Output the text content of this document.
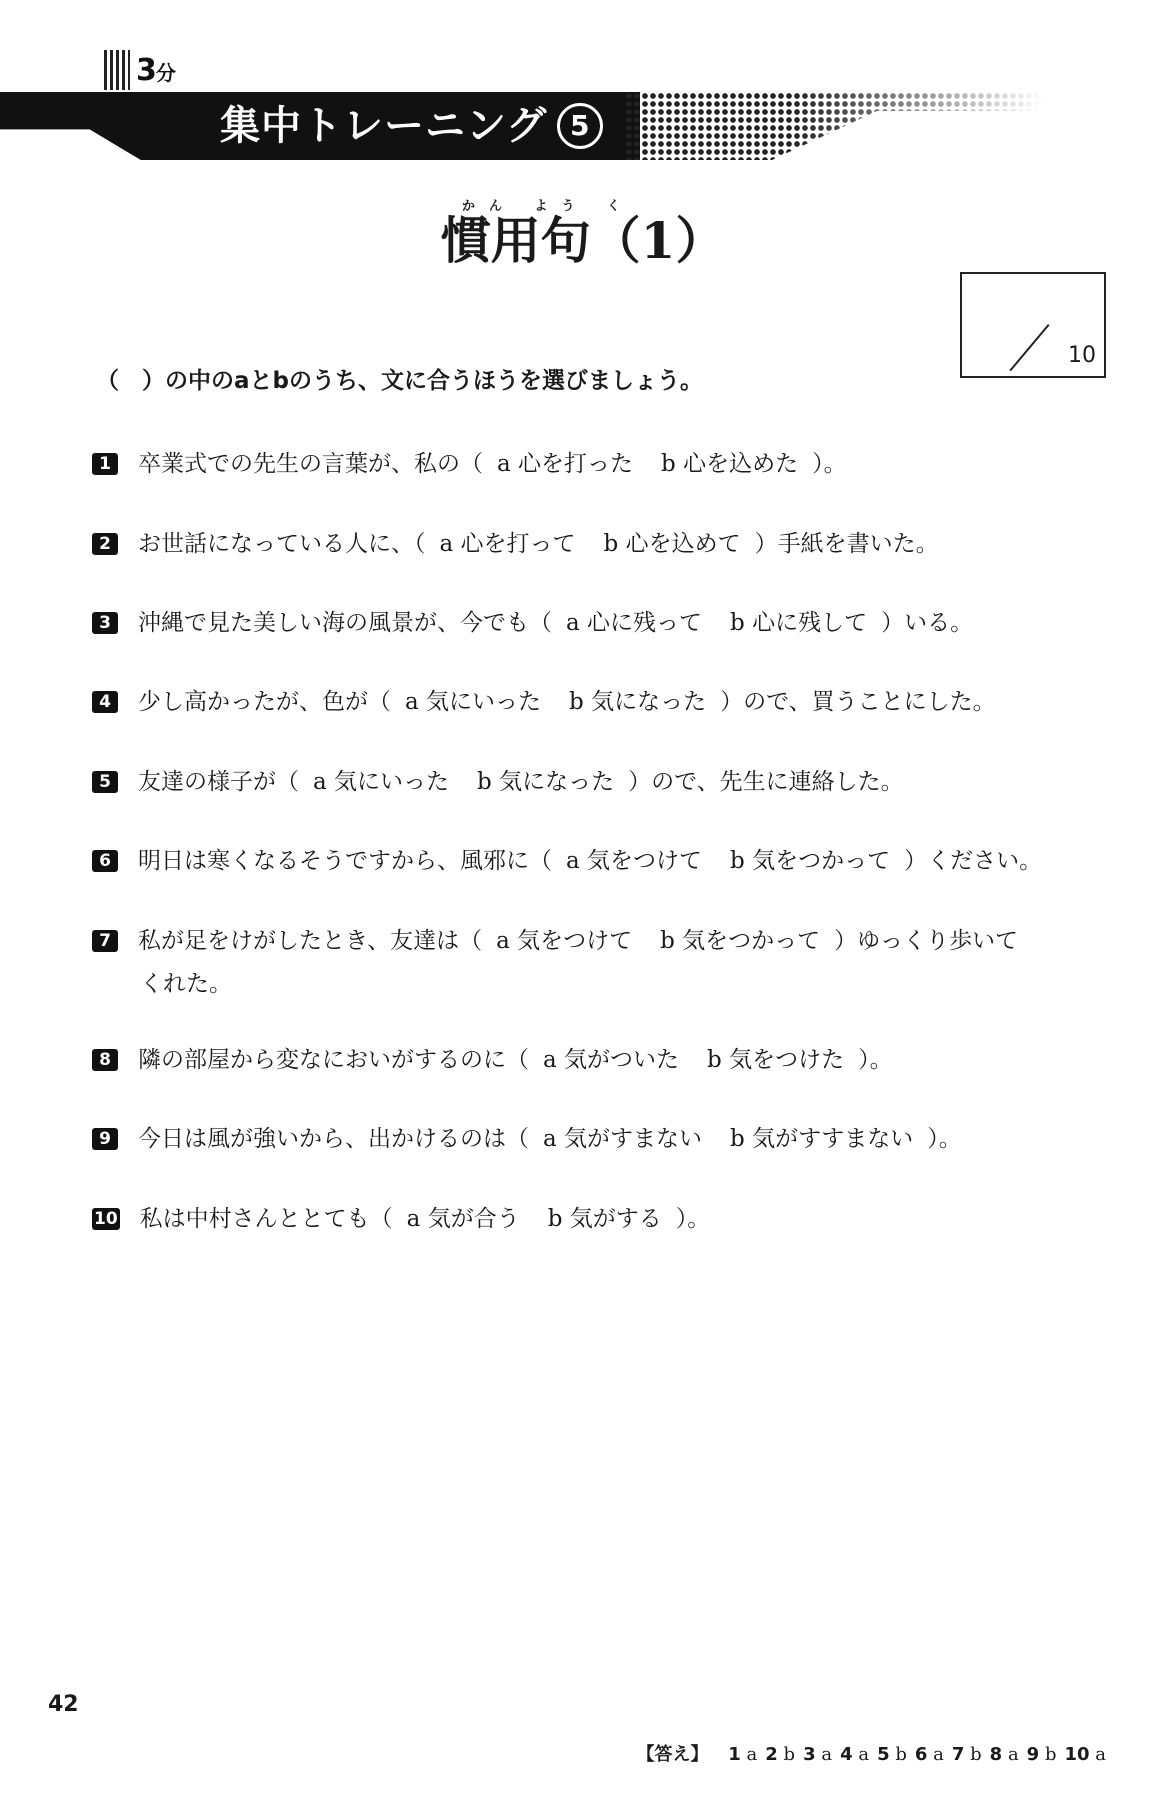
3分
集中トレーニング 5
かん よう く
慣用句（1）
10
（　）の中のaとbのうち、文に合うほうを選びましょう。
1 卒業式での先生の言葉が、私の（ a 心を打った b 心を込めた ）。
2 お世話になっている人に、（ a 心を打って b 心を込めて ）手紙を書いた。
3 沖縄で見た美しい海の風景が、今でも（ a 心に残って b 心に残して ）いる。
4 少し高かったが、色が（ a 気にいった b 気になった ）ので、買うことにした。
5 友達の様子が（ a 気にいった b 気になった ）ので、先生に連絡した。
6 明日は寒くなるそうですから、風邪に（ a 気をつけて b 気をつかって ）ください。
7 私が足をけがしたとき、友達は（ a 気をつけて b 気をつかって ）ゆっくり歩いて
くれた。
8 隣の部屋から変なにおいがするのに（ a 気がついた b 気をつけた ）。
9 今日は風が強いから、出かけるのは（ a 気がすまない b 気がすすまない ）。
10 私は中村さんととても（ a 気が合う b 気がする ）。
42
【答え】 1 a 2 b 3 a 4 a 5 b 6 a 7 b 8 a 9 b 10 a
